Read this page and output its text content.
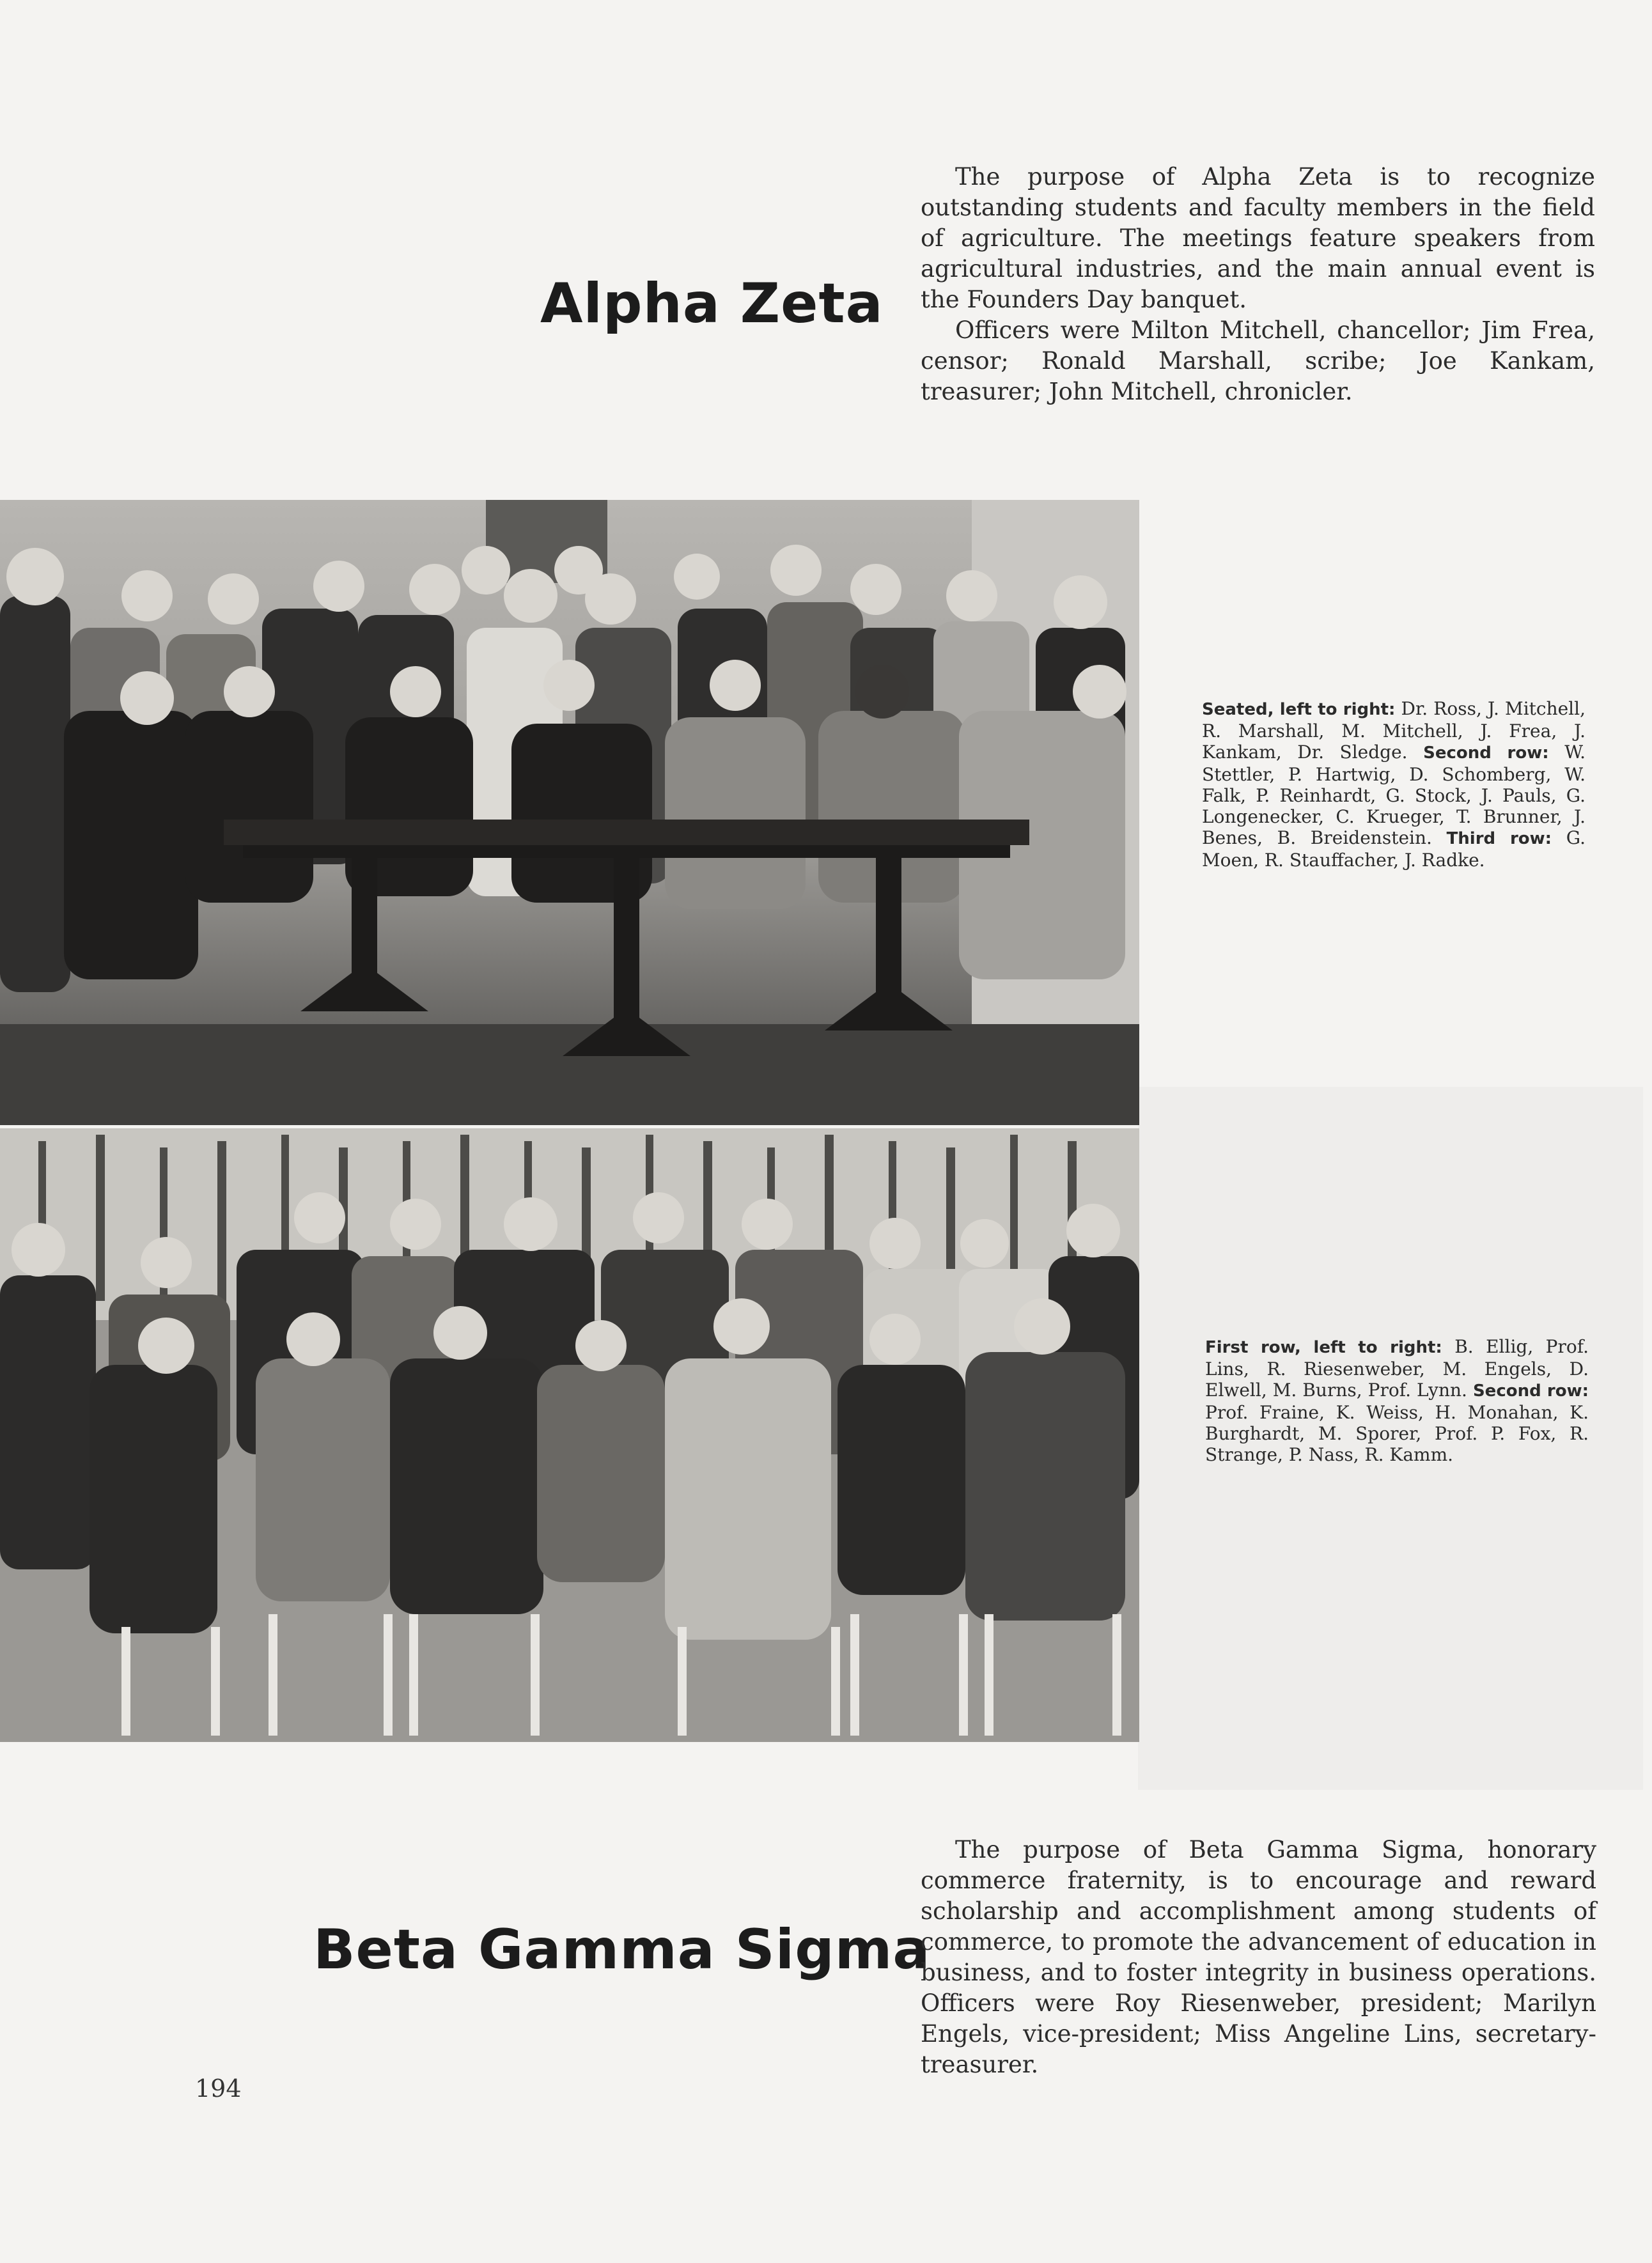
Alpha Zeta

The purpose of Alpha Zeta is to recognize outstanding students and faculty members in the field of agriculture. The meetings feature speakers from agricultural industries, and the main annual event is the Founders Day banquet.

Officers were Milton Mitchell, chancellor; Jim Frea, censor; Ronald Marshall, scribe; Joe Kankam, treasurer; John Mitchell, chronicler.

Seated, left to right: Dr. Ross, J. Mitchell, R. Marshall, M. Mitchell, J. Frea, J. Kankam, Dr. Sledge. Second row: W. Stettler, P. Hartwig, D. Schomberg, W. Falk, P. Reinhardt, G. Stock, J. Pauls, G. Longenecker, C. Krueger, T. Brunner, J. Benes, B. Breidenstein. Third row: G. Moen, R. Stauffacher, J. Radke.
First row, left to right: B. Ellig, Prof. Lins, R. Riesenweber, M. Engels, D. Elwell, M. Burns, Prof. Lynn. Second row: Prof. Fraine, K. Weiss, H. Monahan, K. Burghardt, M. Sporer, Prof. P. Fox, R. Strange, P. Nass, R. Kamm.
Beta Gamma Sigma

The purpose of Beta Gamma Sigma, honorary commerce fraternity, is to encourage and reward scholarship and accomplishment among students of commerce, to promote the advancement of education in business, and to foster integrity in business operations. Officers were Roy Riesenweber, president; Marilyn Engels, vice-president; Miss Angeline Lins, secretary-treasurer.

194
